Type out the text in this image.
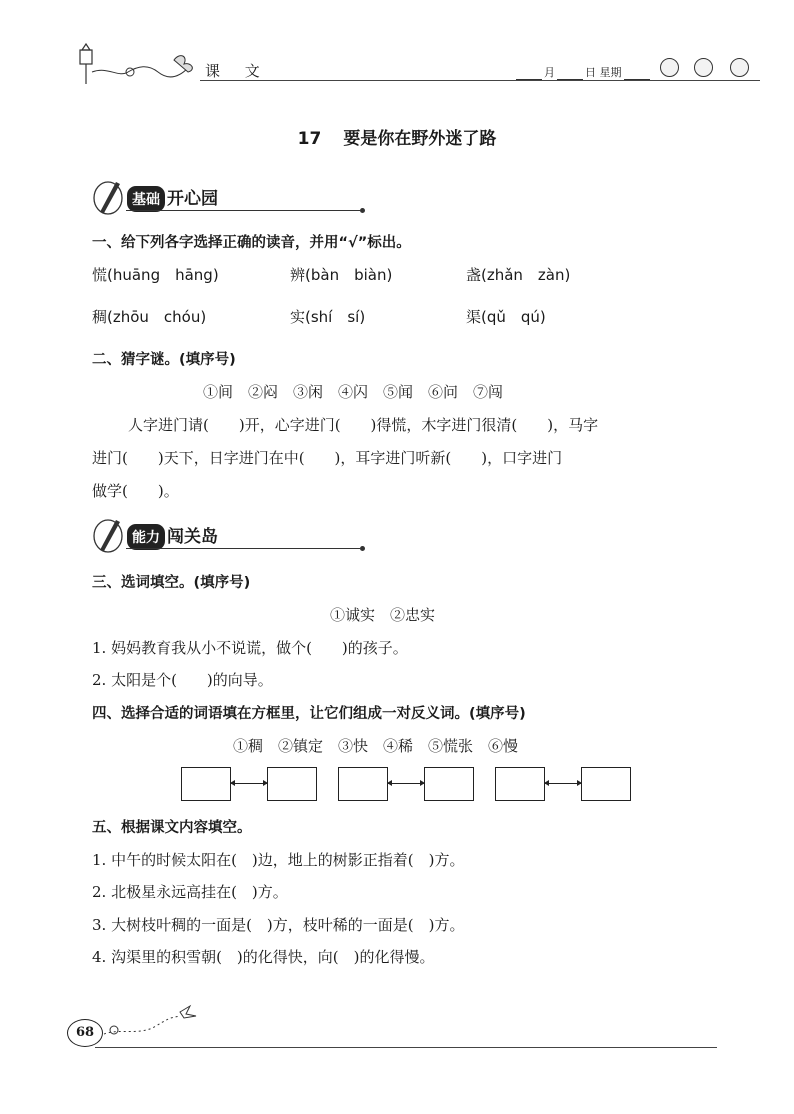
课 文	月	日 星期
17 要是你在野外迷了路
基础 开心园
一、给下列各字选择正确的读音，并用“√”标出。
慌(huāng　hāng)	辨(bàn　biàn)	盏(zhǎn　zàn)
稠(zhōu　chóu)	实(shí　sí)	渠(qǔ　qú)
二、猜字谜。(填序号)
①间　②闷　③闲　④闪　⑤闻　⑥问　⑦闯
人字进门请(　　)开，心字进门(　　)得慌，木字进门很清(　　)，马字
进门(　　)天下，日字进门在中(　　)，耳字进门听新(　　)，口字进门
做学(　　)。
能力 闯关岛
三、选词填空。(填序号)
①诚实　②忠实
1. 妈妈教育我从小不说谎，做个(　　)的孩子。
2. 太阳是个(　　)的向导。
四、选择合适的词语填在方框里，让它们组成一对反义词。(填序号)
①稠　②镇定　③快　④稀　⑤慌张　⑥慢
五、根据课文内容填空。
1. 中午的时候太阳在(　)边，地上的树影正指着(　)方。
2. 北极星永远高挂在(　)方。
3. 大树枝叶稠的一面是(　)方，枝叶稀的一面是(　)方。
4. 沟渠里的积雪朝(　)的化得快，向(　)的化得慢。
68
